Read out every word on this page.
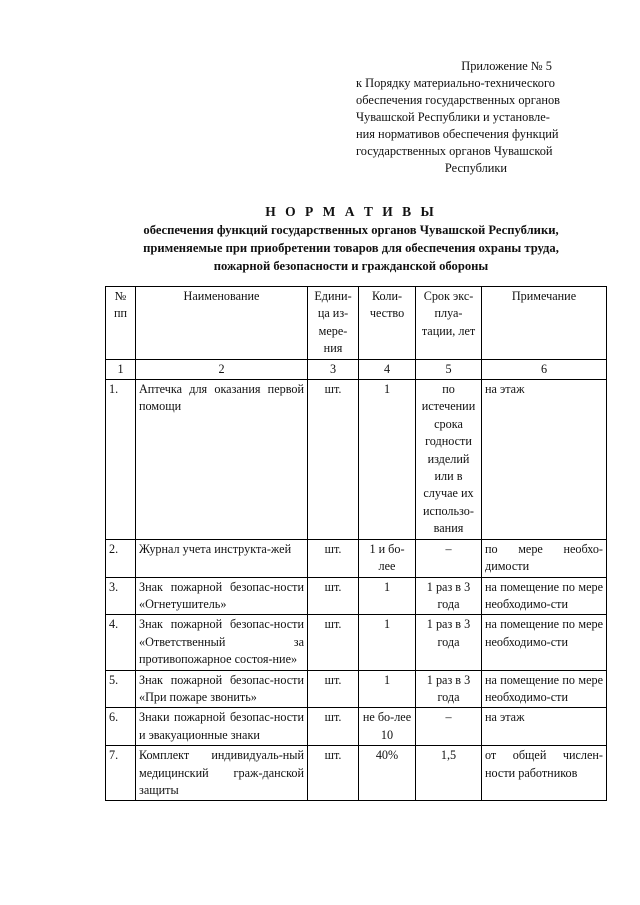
Приложение № 5
к Порядку материально-технического
обеспечения государственных органов
Чувашской Республики и установле-
ния нормативов обеспечения функций
государственных органов Чувашской
Республики
Н О Р М А Т И В Ы
обеспечения функций государственных органов Чувашской Республики,
применяемые при приобретении товаров для обеспечения охраны труда,
пожарной безопасности и гражданской обороны
№ пп	Наименование	Едини-ца из-мере-ния	Коли-чество	Срок экс-плуа-тации, лет	Примечание
1	2	3	4	5	6
1.	Аптечка для оказания первой помощи	шт.	1	по истечении срока годности изделий или в случае их использо-вания	на этаж
2.	Журнал учета инструкта-жей	шт.	1 и бо-лее	–	по мере необхо-димости
3.	Знак пожарной безопас-ности «Огнетушитель»	шт.	1	1 раз в 3 года	на помещение по мере необходимо-сти
4.	Знак пожарной безопас-ности «Ответственный за противопожарное состоя-ние»	шт.	1	1 раз в 3 года	на помещение по мере необходимо-сти
5.	Знак пожарной безопас-ности «При пожаре звонить»	шт.	1	1 раз в 3 года	на помещение по мере необходимо-сти
6.	Знаки пожарной безопас-ности и эвакуационные знаки	шт.	не бо-лее 10	–	на этаж
7.	Комплект индивидуаль-ный медицинский граж-данской защиты	шт.	40%	1,5	от общей числен-ности работников
